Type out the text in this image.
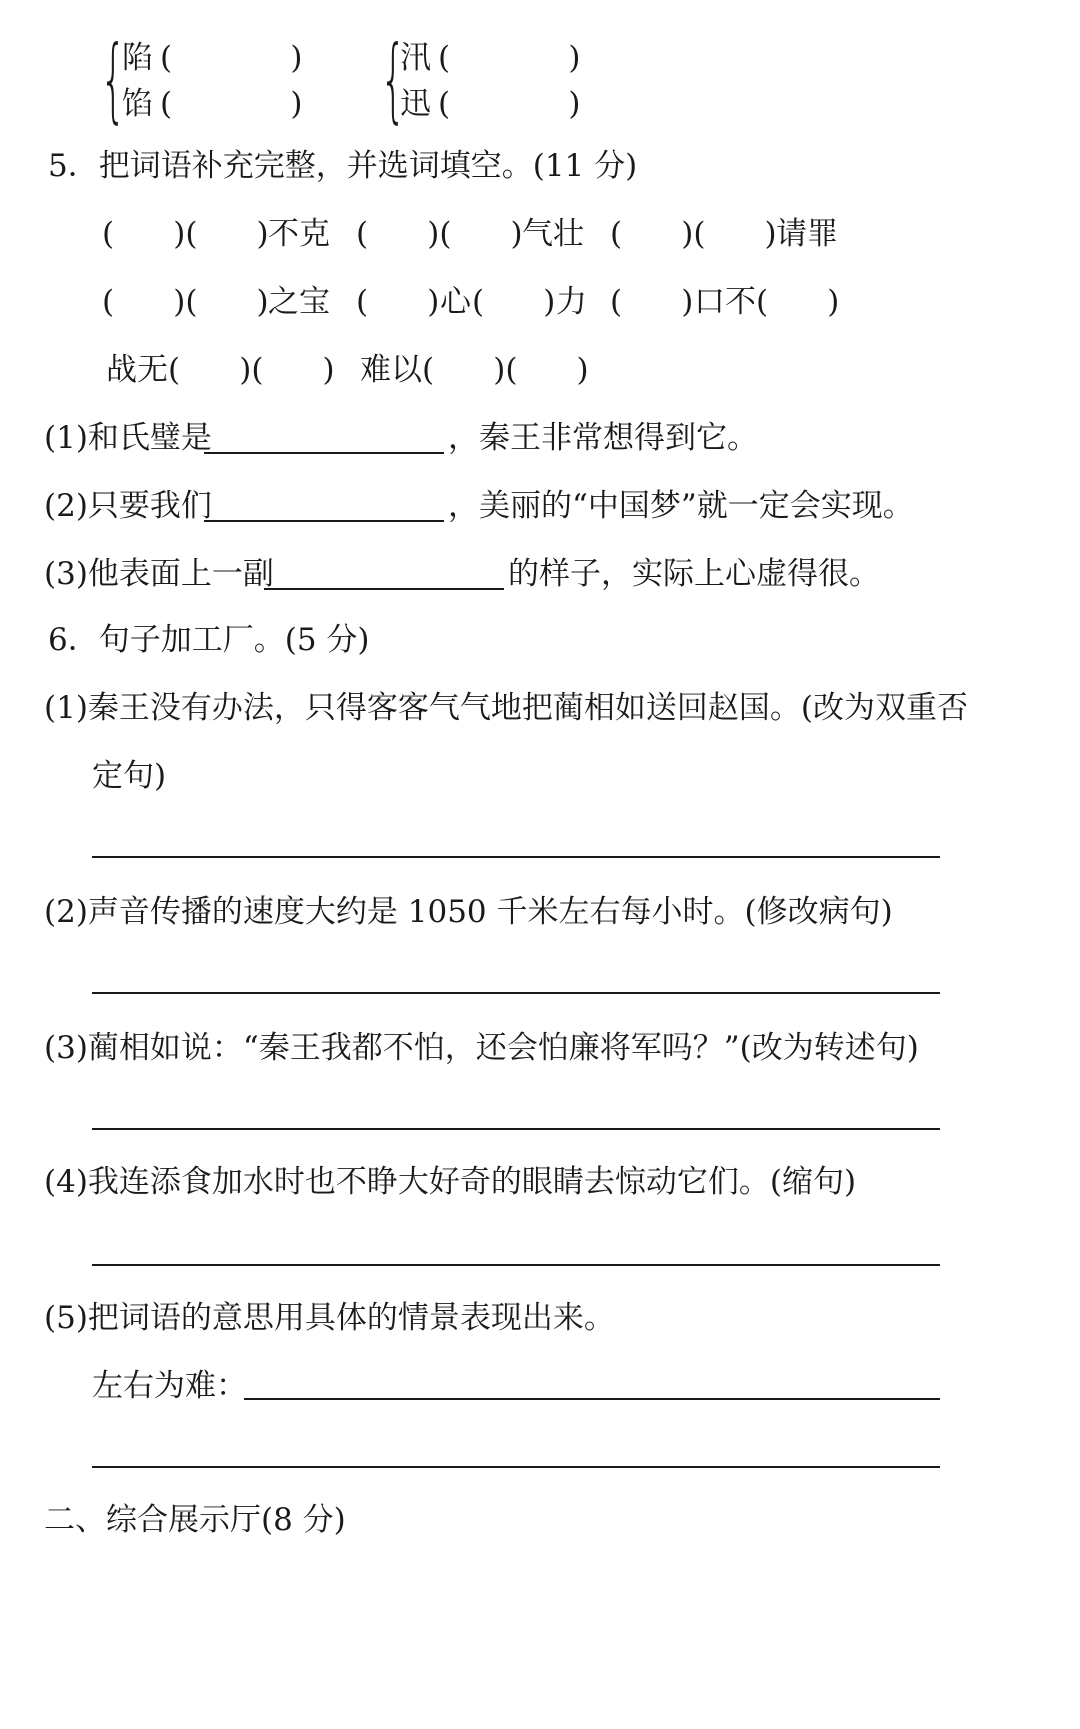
{
陷 (            )
馅 (            ) {
汛 (            )
迅 (            )
5．把词语补充完整，并选词填空。(11 分)
(      )(      ) 不克 (      )(      ) 气壮 (      )(      ) 请罪
(      )(      ) 之宝 (      ) 心 (      ) 力 (      ) 口不 (      )
战无 (      )(      ) 难以 (      )(      )
(1)和氏璧是	，秦王非常想得到它。
(2)只要我们	，美丽的“中国梦”就一定会实现。
(3)他表面上一副	的样子，实际上心虚得很。
6．句子加工厂。(5 分)
(1)秦王没有办法，只得客客气气地把蔺相如送回赵国。(改为双重否
定句)
(2)声音传播的速度大约是 1050 千米左右每小时。(修改病句)
(3)蔺相如说：“秦王我都不怕，还会怕廉将军吗？”(改为转述句)
(4)我连添食加水时也不睁大好奇的眼睛去惊动它们。(缩句)
(5)把词语的意思用具体的情景表现出来。
左右为难：
二、综合展示厅(8 分)
